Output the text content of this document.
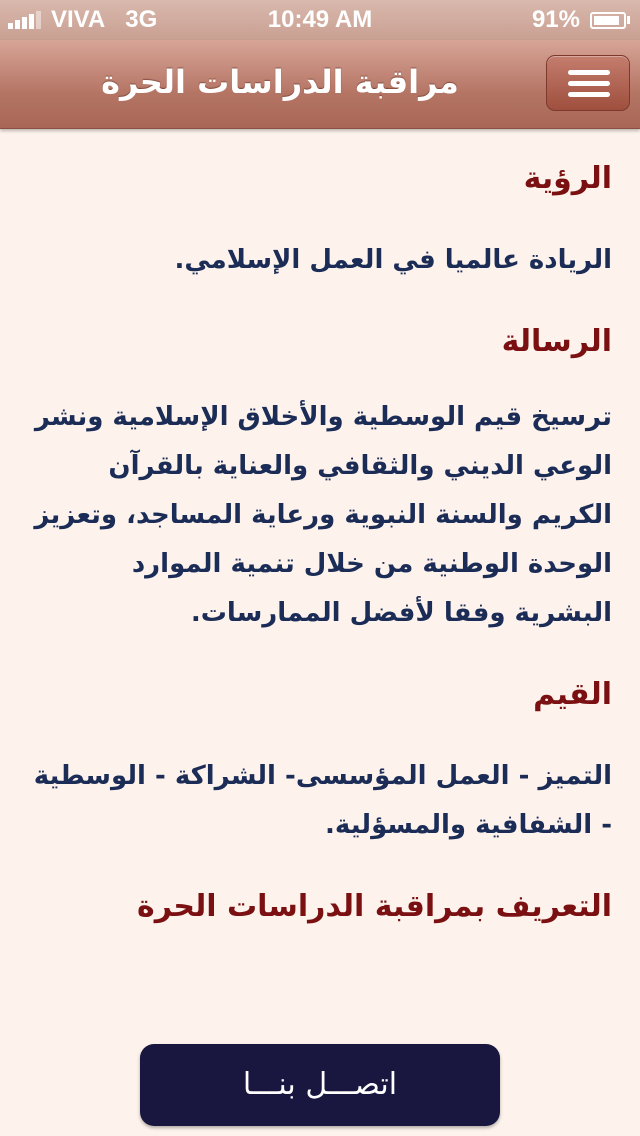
VIVA 3G	10:49 AM	91%
مراقبة الدراسات الحرة
الرؤية

الريادة عالميا في العمل الإسلامي.

الرسالة

ترسيخ قيم الوسطية والأخلاق الإسلامية ونشر الوعي الديني والثقافي والعناية بالقرآن الكريم والسنة النبوية ورعاية المساجد، وتعزيز الوحدة الوطنية من خلال تنمية الموارد البشرية وفقا لأفضل الممارسات.

القيم

التميز - العمل المؤسسى- الشراكة - الوسطية - الشفافية والمسؤلية.

التعريف بمراقبة الدراسات الحرة
اتصـــل بنـــا
